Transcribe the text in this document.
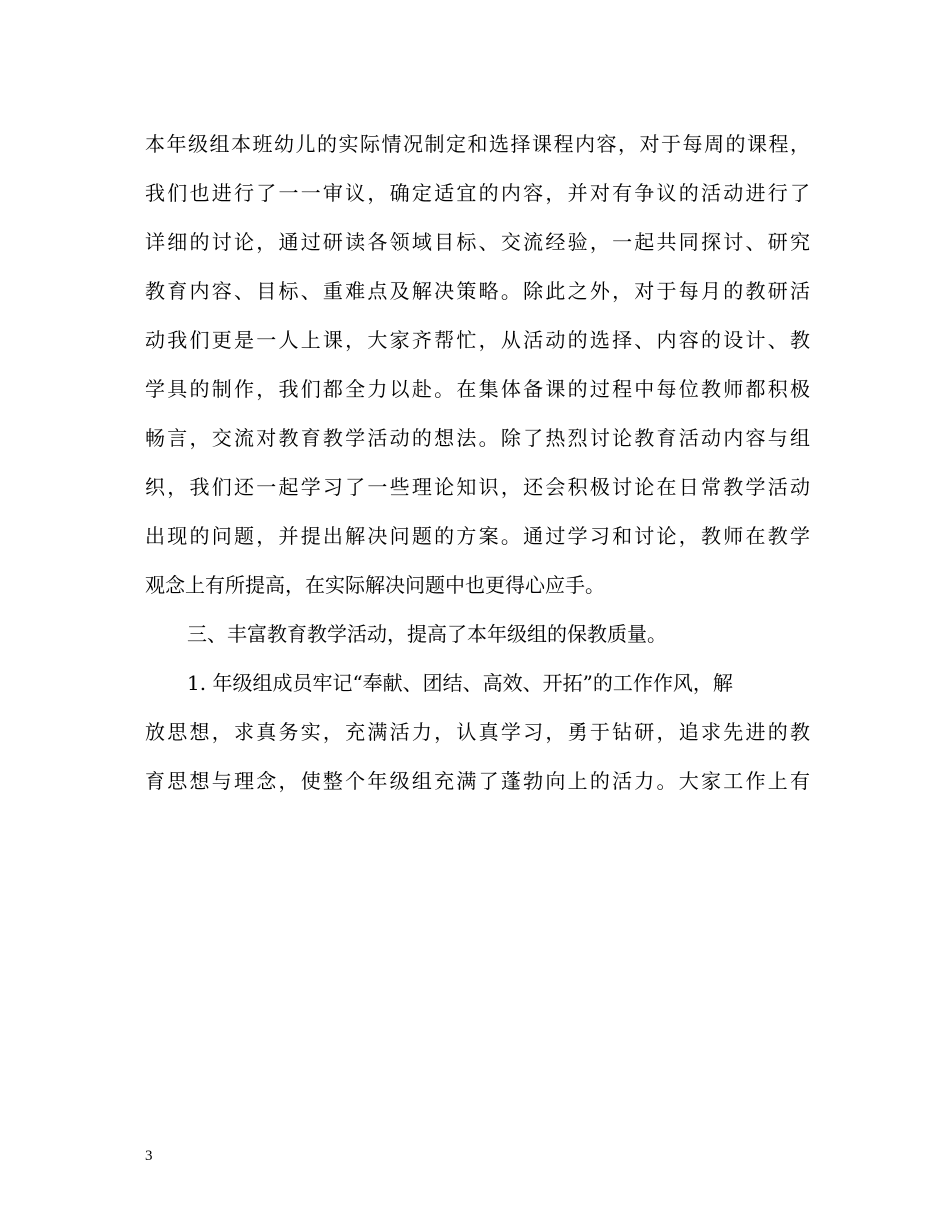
本年级组本班幼儿的实际情况制定和选择课程内容，对于每周的课程，
我们也进行了一一审议，确定适宜的内容，并对有争议的活动进行了
详细的讨论，通过研读各领域目标、交流经验，一起共同探讨、研究
教育内容、目标、重难点及解决策略。除此之外，对于每月的教研活
动我们更是一人上课，大家齐帮忙，从活动的选择、内容的设计、教
学具的制作，我们都全力以赴。在集体备课的过程中每位教师都积极
畅言，交流对教育教学活动的想法。除了热烈讨论教育活动内容与组
织，我们还一起学习了一些理论知识，还会积极讨论在日常教学活动
出现的问题，并提出解决问题的方案。通过学习和讨论，教师在教学
观念上有所提高，在实际解决问题中也更得心应手。
三、丰富教育教学活动，提高了本年级组的保教质量。
1. 年级组成员牢记“奉献、团结、高效、开拓”的工作作风，解
放思想，求真务实，充满活力，认真学习，勇于钻研，追求先进的教
育思想与理念，使整个年级组充满了蓬勃向上的活力。大家工作上有
3
